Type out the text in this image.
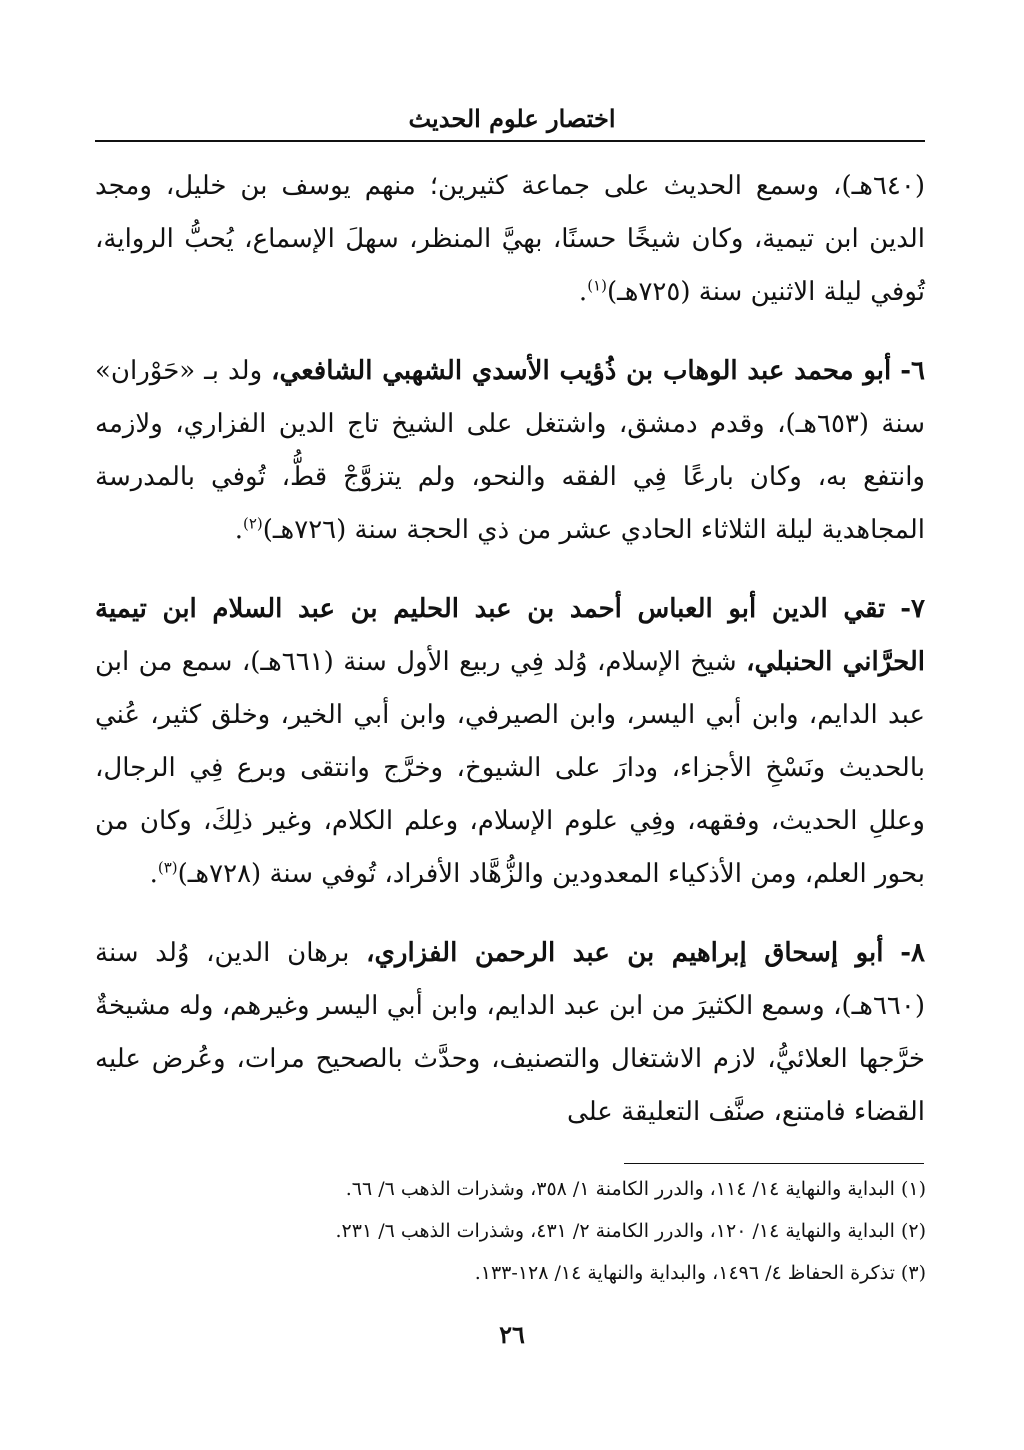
اختصار علوم الحديث

(٦٤٠هـ)، وسمع الحديث على جماعة كثيرين؛ منهم يوسف بن خليل، ومجد الدين ابن تيمية، وكان شيخًا حسنًا، بهيَّ المنظر، سهلَ الإسماع، يُحبُّ الرواية، تُوفي ليلة الاثنين سنة (٧٢٥هـ)$^{(١)}$.

٦- أبو محمد عبد الوهاب بن ذُؤيب الأسدي الشهبي الشافعي، ولد بـ «حَوْران» سنة (٦٥٣هـ)، وقدم دمشق، واشتغل على الشيخ تاج الدين الفزاري، ولازمه وانتفع به، وكان بارعًا فِي الفقه والنحو، ولم يتزوَّجْ قطُّ، تُوفي بالمدرسة المجاهدية ليلة الثلاثاء الحادي عشر من ذي الحجة سنة (٧٢٦هـ)$^{(٢)}$.

٧- تقي الدين أبو العباس أحمد بن عبد الحليم بن عبد السلام ابن تيمية الحرَّاني الحنبلي، شيخ الإسلام، وُلد فِي ربيع الأول سنة (٦٦١هـ)، سمع من ابن عبد الدايم، وابن أبي اليسر، وابن الصيرفي، وابن أبي الخير، وخلق كثير، عُني بالحديث ونَسْخِ الأجزاء، ودارَ على الشيوخ، وخرَّج وانتقى وبرع فِي الرجال، وعللِ الحديث، وفقهه، وفِي علوم الإسلام، وعلم الكلام، وغير ذلِكَ، وكان من بحور العلم، ومن الأذكياء المعدودين والزُّهَّاد الأفراد، تُوفي سنة (٧٢٨هـ)$^{(٣)}$.

٨- أبو إسحاق إبراهيم بن عبد الرحمن الفزاري، برهان الدين، وُلد سنة (٦٦٠هـ)، وسمع الكثيرَ من ابن عبد الدايم، وابن أبي اليسر وغيرهم، وله مشيخةٌ خرَّجها العلائيُّ، لازم الاشتغال والتصنيف، وحدَّث بالصحيح مرات، وعُرض عليه القضاء فامتنع، صنَّف التعليقة على

(١) البداية والنهاية ١٤/ ١١٤، والدرر الكامنة ١/ ٣٥٨، وشذرات الذهب ٦/ ٦٦.

(٢) البداية والنهاية ١٤/ ١٢٠، والدرر الكامنة ٢/ ٤٣١، وشذرات الذهب ٦/ ٢٣١.

(٣) تذكرة الحفاظ ٤/ ١٤٩٦، والبداية والنهاية ١٤/ ١٢٨-١٣٣.

٢٦
